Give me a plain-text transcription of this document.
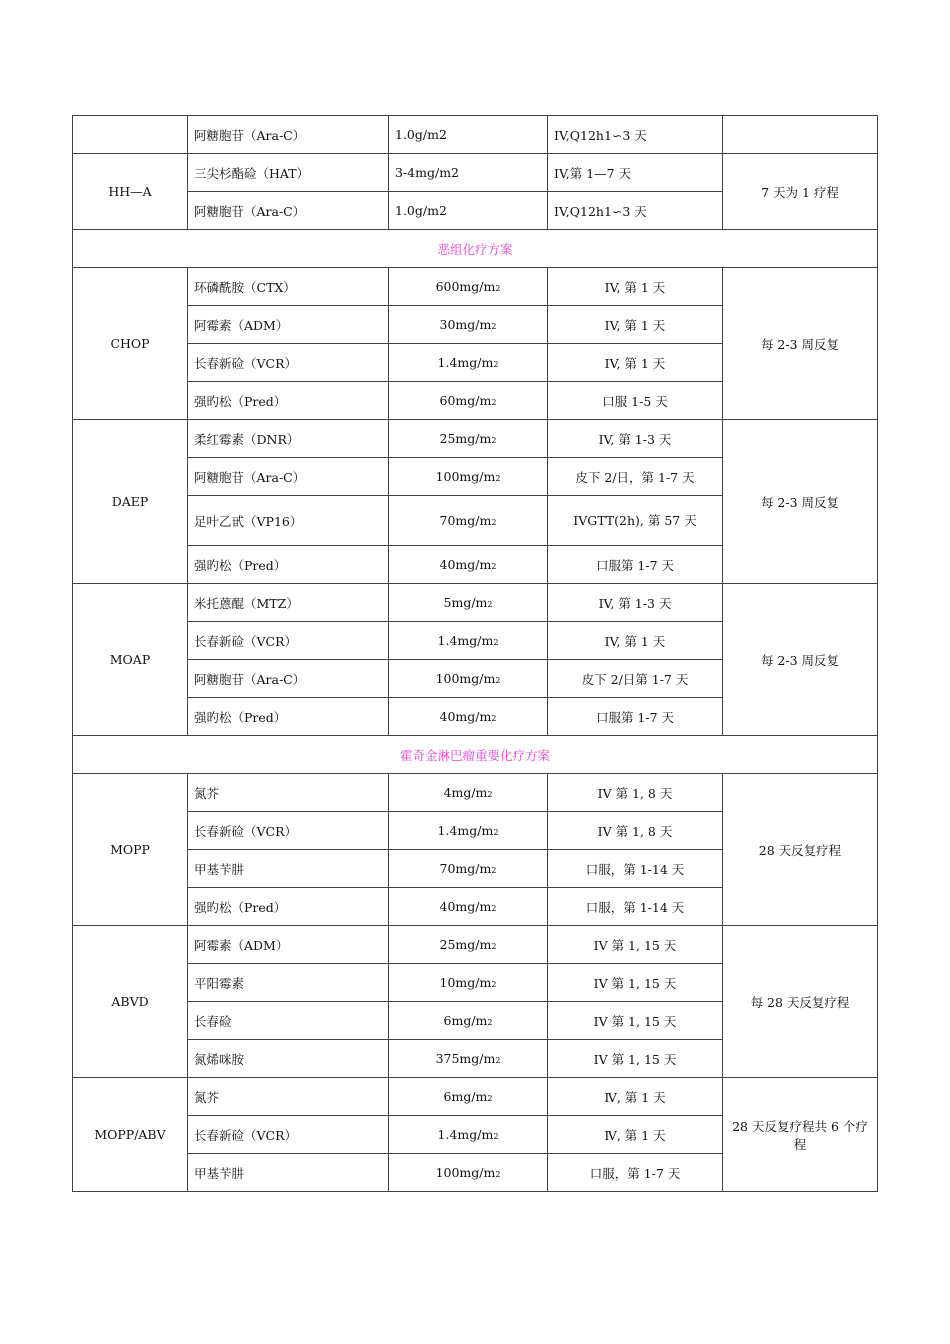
	阿糖胞苷（Ara-C）	1.0g/m2	IV,Q12h1∽3 天	
HH—A	三尖杉酯硷（HAT）	3-4mg/m2	IV,第 1—7 天	7 天为 1 疗程
	阿糖胞苷（Ara-C）	1.0g/m2	IV,Q12h1∽3 天	
恶组化疗方案				
CHOP	环磷酰胺（CTX）	600mg/m2	IV, 第 1 天	每 2-3 周反复
	阿霉素（ADM）	30mg/m2	IV, 第 1 天	
	长春新硷（VCR）	1.4mg/m2	IV, 第 1 天	
	强旳松（Pred）	60mg/m2	口服 1-5 天	
DAEP	柔红霉素（DNR）	25mg/m2	IV, 第 1-3 天	每 2-3 周反复
	阿糖胞苷（Ara-C）	100mg/m2	皮下 2/日，第 1-7 天	
	足叶乙甙（VP16）	70mg/m2	IVGTT(2h), 第 57 天	
	强旳松（Pred）	40mg/m2	口服第 1-7 天	
MOAP	米托蒽醌（MTZ）	5mg/m2	IV, 第 1-3 天	每 2-3 周反复
	长春新硷（VCR）	1.4mg/m2	IV, 第 1 天	
	阿糖胞苷（Ara-C）	100mg/m2	皮下 2/日第 1-7 天	
	强旳松（Pred）	40mg/m2	口服第 1-7 天	
霍奇金淋巴瘤重要化疗方案				
MOPP	氮芥	4mg/m2	IV 第 1, 8 天	28 天反复疗程
	长春新硷（VCR）	1.4mg/m2	IV 第 1, 8 天	
	甲基苄肼	70mg/m2	口服，第 1-14 天	
	强旳松（Pred）	40mg/m2	口服，第 1-14 天	
ABVD	阿霉素（ADM）	25mg/m2	IV 第 1, 15 天	每 28 天反复疗程
	平阳霉素	10mg/m2	IV 第 1, 15 天	
	长春硷	6mg/m2	IV 第 1, 15 天	
	氮烯咪胺	375mg/m2	IV 第 1, 15 天	
MOPP/ABV	氮芥	6mg/m2	Ⅳ, 第 1 天	28 天反复疗程共 6 个疗程
	长春新硷（VCR）	1.4mg/m2	Ⅳ, 第 1 天	
	甲基苄肼	100mg/m2	口服，第 1-7 天	
